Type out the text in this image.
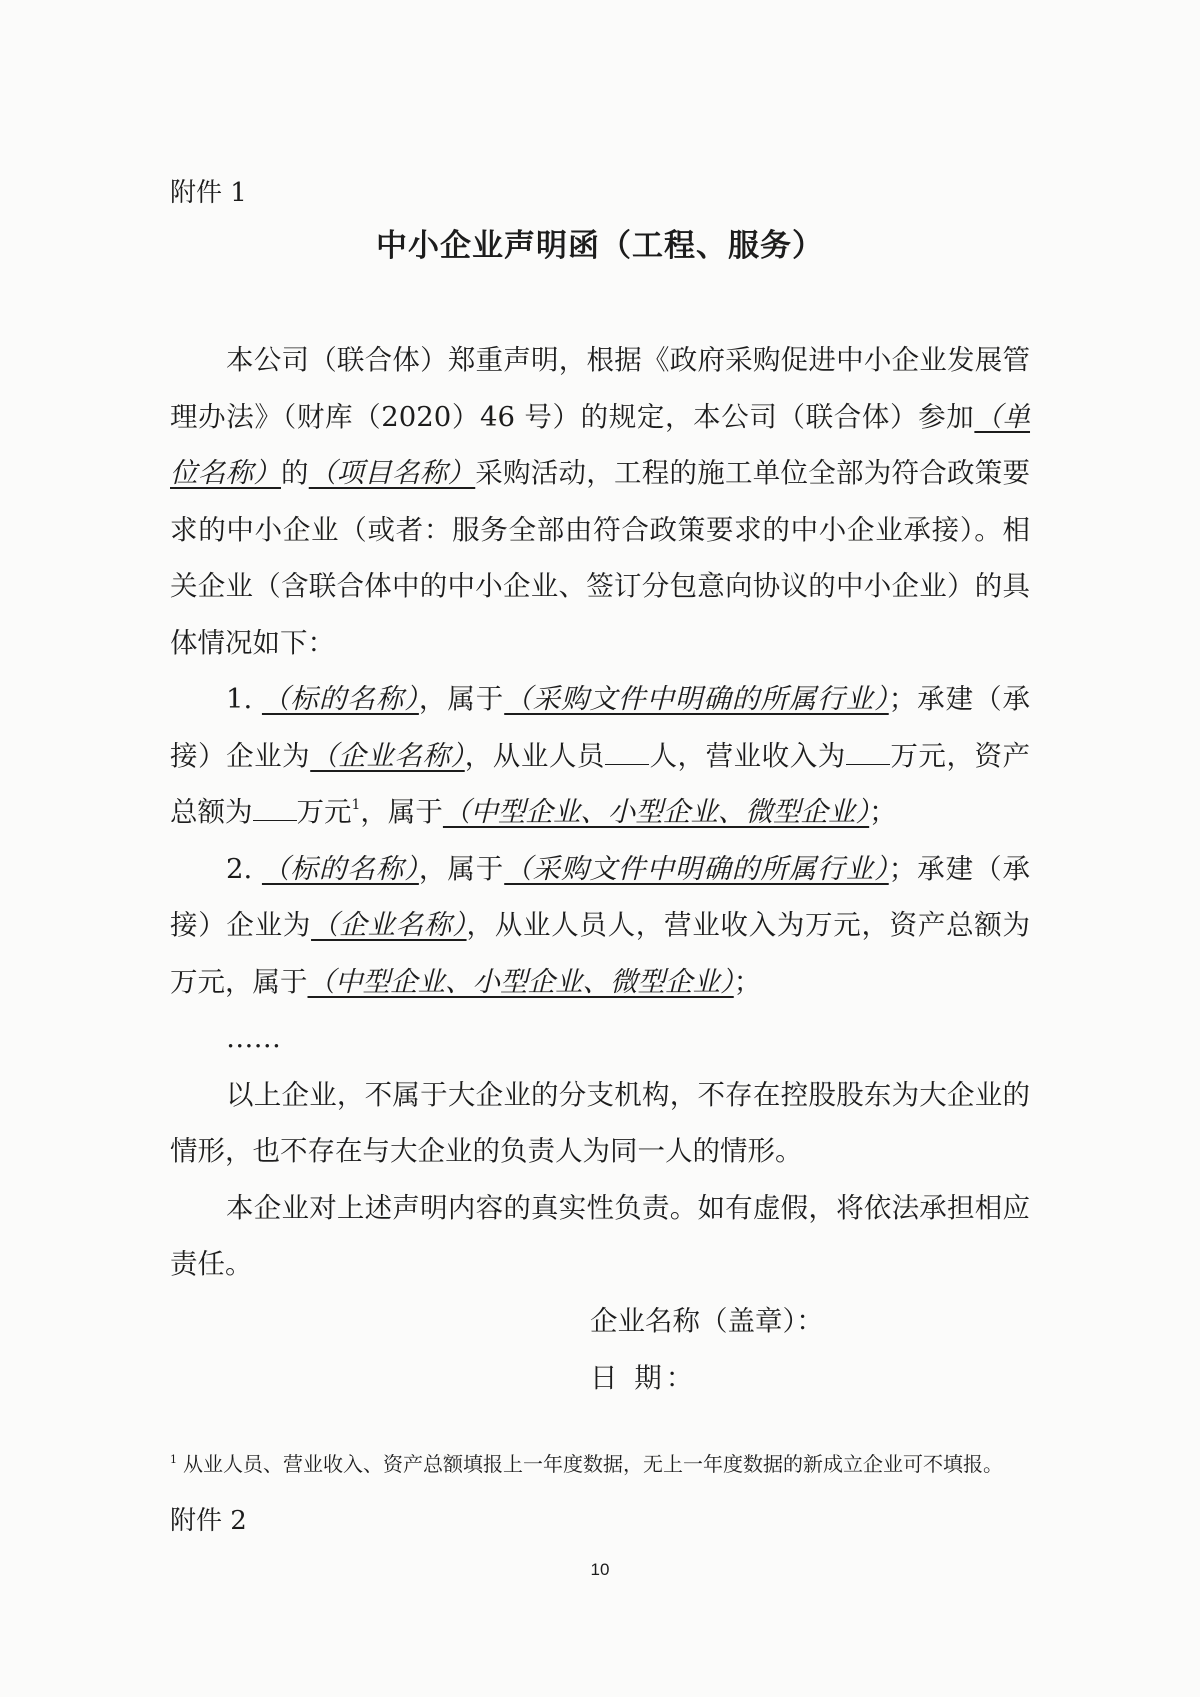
附件 1
中小企业声明函（工程、服务）

本公司（联合体）郑重声明，根据《政府采购促进中小企业发展管理办法》（财库（2020）46 号）的规定，本公司（联合体）参加（单位名称）的（项目名称）采购活动，工程的施工单位全部为符合政策要求的中小企业（或者：服务全部由符合政策要求的中小企业承接）。相关企业（含联合体中的中小企业、签订分包意向协议的中小企业）的具体情况如下：

1. （标的名称），属于（采购文件中明确的所属行业）；承建（承接）企业为（企业名称），从业人员 人，营业收入为 万元，资产总额为 万元$^1$，属于（中型企业、小型企业、微型企业）；

2. （标的名称），属于（采购文件中明确的所属行业）；承建（承接）企业为（企业名称），从业人员人，营业收入为万元，资产总额为万元，属于（中型企业、小型企业、微型企业）；

……

以上企业，不属于大企业的分支机构，不存在控股股东为大企业的情形，也不存在与大企业的负责人为同一人的情形。

本企业对上述声明内容的真实性负责。如有虚假，将依法承担相应责任。

企业名称（盖章）：
日 期：
$^1$ 从业人员、营业收入、资产总额填报上一年度数据，无上一年度数据的新成立企业可不填报。
附件 2
10
